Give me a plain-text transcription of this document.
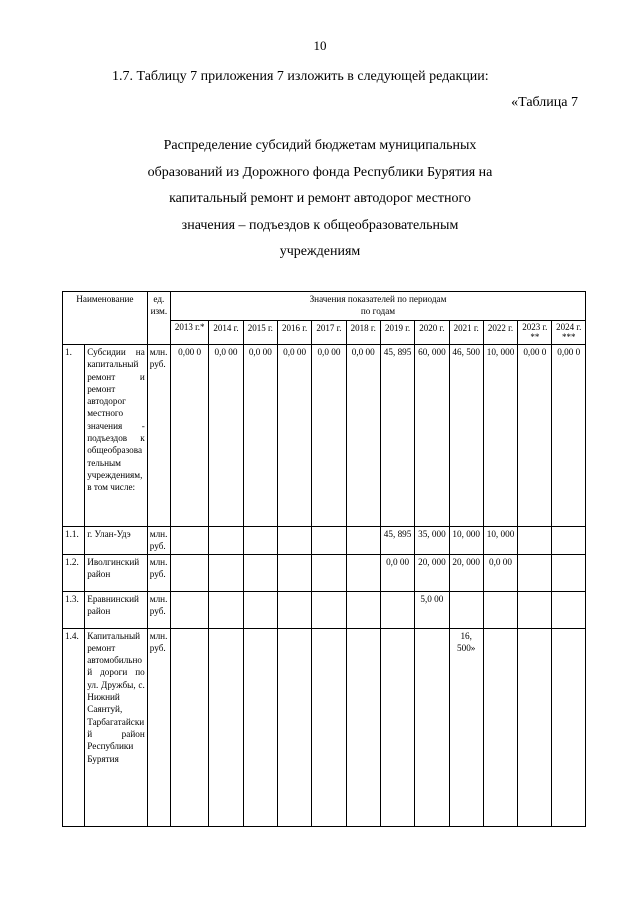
10
1.7. Таблицу 7 приложения 7 изложить в следующей редакции:
«Таблица 7
Распределение субсидий бюджетам муниципальных
образований из Дорожного фонда Республики Бурятия на
капитальный ремонт и ремонт автодорог местного
значения – подъездов к общеобразовательным
учреждениям
Наименование		ед. изм.	Значения показателей по периодам
по годам											

			2013 г.*	2014 г.	2015 г.	2016 г.	2017 г.	2018 г.	2019 г.	2020 г.	2021 г.	2022 г.	2023 г. **	2024 г. ***
1.	Субсидии на капитальный ремонт и ремонт автодорог местного значения - подъездов к общеобразовательным учреждениям, в том числе:	млн. руб.	0,00 0	0,0 00	0,0 00	0,0 00	0,0 00	0,0 00	45, 895	60, 000	46, 500	10, 000	0,00 0	0,00 0
1.1.	г. Улан-Удэ	млн. руб.							45, 895	35, 000	10, 000	10, 000		
1.2.	Иволгинский район	млн. руб.							0,0 00	20, 000	20, 000	0,0 00		
1.3.	Еравнинский район	млн. руб.								5,0 00				
1.4.	Капитальный ремонт автомобильной дороги по ул. Дружбы, с. Нижний Саянтуй, Тарбагатайский район Республики Бурятия	млн. руб.									16, 500»			
